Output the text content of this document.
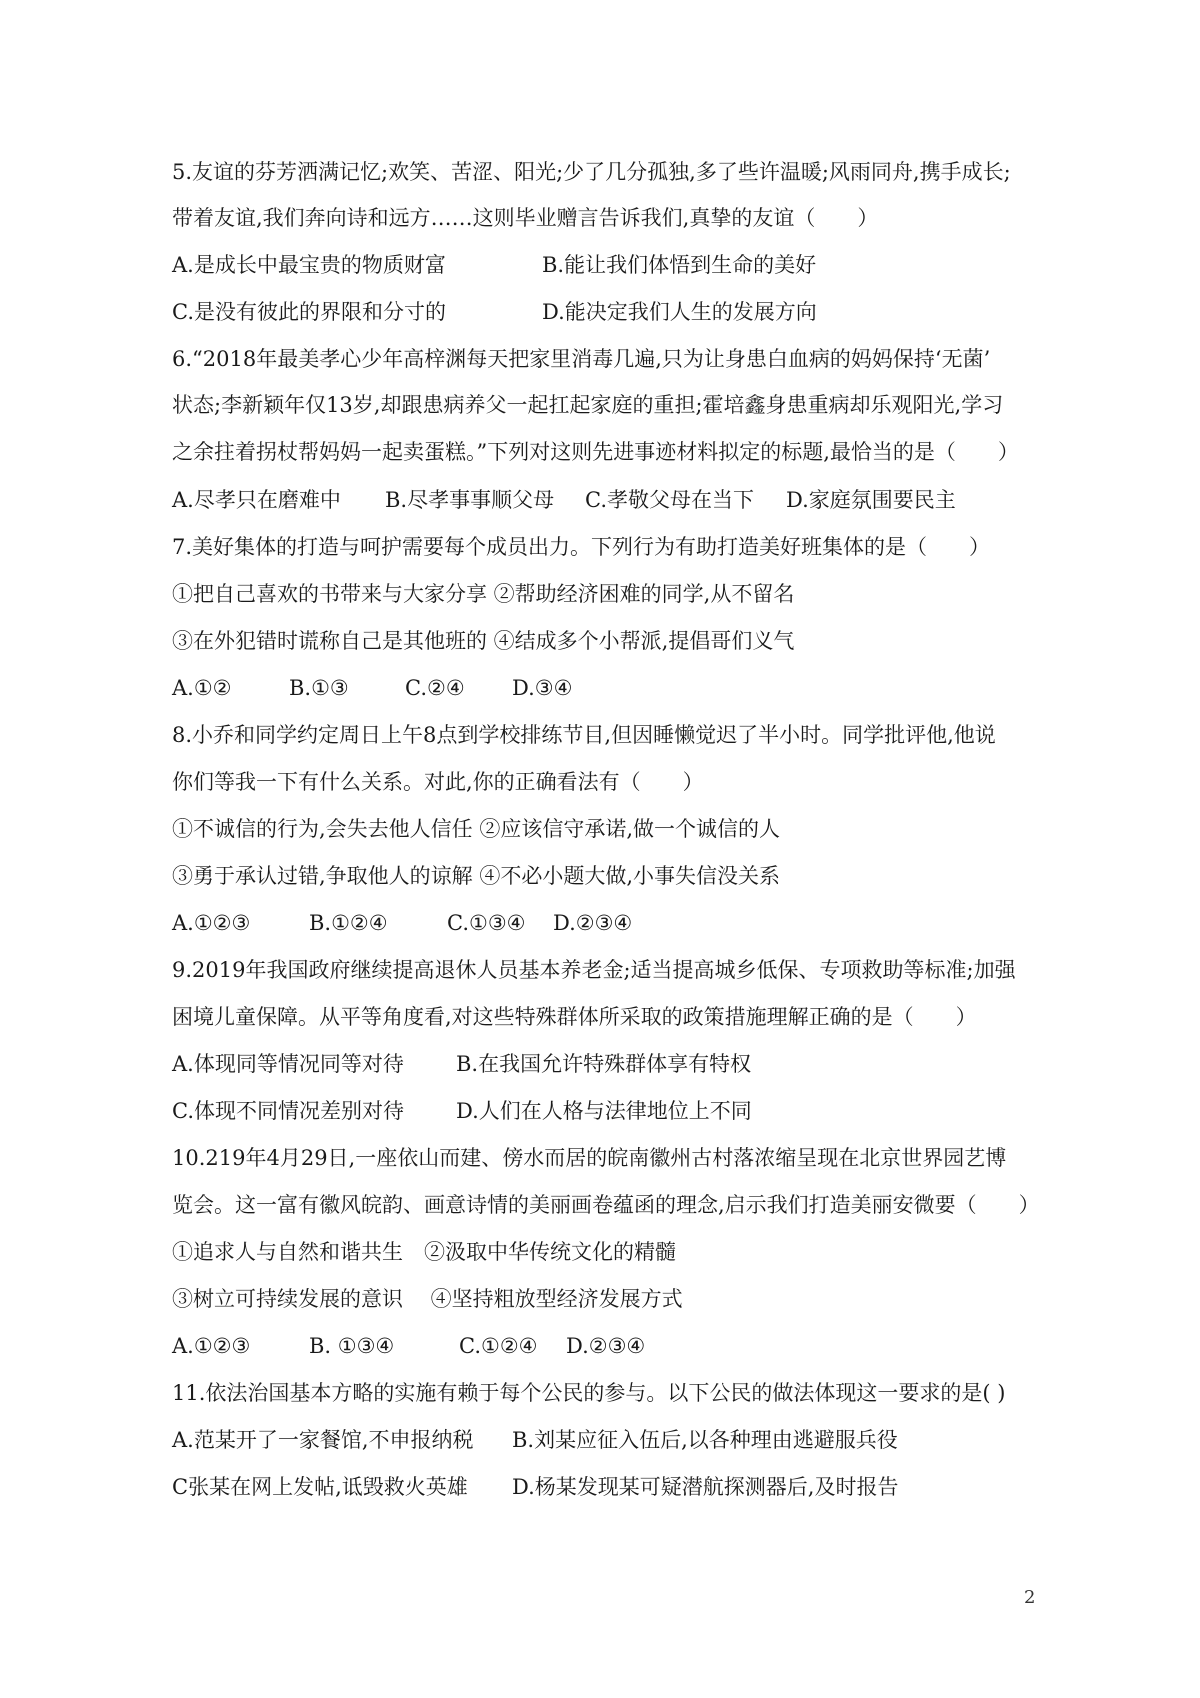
5.友谊的芬芳洒满记忆;欢笑、苦涩、阳光;少了几分孤独,多了些许温暖;风雨同舟,携手成长;
带着友谊,我们奔向诗和远方……这则毕业赠言告诉我们,真挚的友谊（　　）
A.是成长中最宝贵的物质财富	B.能让我们体悟到生命的美好
C.是没有彼此的界限和分寸的	D.能决定我们人生的发展方向
6.“2018年最美孝心少年高梓渊每天把家里消毒几遍,只为让身患白血病的妈妈保持‘无菌’
状态;李新颖年仅13岁,却跟患病养父一起扛起家庭的重担;霍培鑫身患重病却乐观阳光,学习
之余拄着拐杖帮妈妈一起卖蛋糕。”下列对这则先进事迹材料拟定的标题,最恰当的是（　　）
A.尽孝只在磨难中 B.尽孝事事顺父母 C.孝敬父母在当下 D.家庭氛围要民主
7.美好集体的打造与呵护需要每个成员出力。下列行为有助打造美好班集体的是（　　）
①把自己喜欢的书带来与大家分享 ②帮助经济困难的同学,从不留名
③在外犯错时谎称自己是其他班的 ④结成多个小帮派,提倡哥们义气
A.①②	B.①③	C.②④ D.③④
8.小乔和同学约定周日上午8点到学校排练节目,但因睡懒觉迟了半小时。同学批评他,他说
你们等我一下有什么关系。对此,你的正确看法有（　　）
①不诚信的行为,会失去他人信任 ②应该信守承诺,做一个诚信的人
③勇于承认过错,争取他人的谅解 ④不必小题大做,小事失信没关系
A.①②③	B.①②④	C.①③④ D.②③④
9.2019年我国政府继续提高退休人员基本养老金;适当提高城乡低保、专项救助等标准;加强
困境儿童保障。从平等角度看,对这些特殊群体所采取的政策措施理解正确的是（　　）
A.体现同等情况同等对待 B.在我国允许特殊群体享有特权
C.体现不同情况差别对待 D.人们在人格与法律地位上不同
10.219年4月29日,一座依山而建、傍水而居的皖南徽州古村落浓缩呈现在北京世界园艺博
览会。这一富有徽风皖韵、画意诗情的美丽画卷蕴函的理念,启示我们打造美丽安微要（　　）
①追求人与自然和谐共生　②汲取中华传统文化的精髓
③树立可持续发展的意识　 ④坚持粗放型经济发展方式
A.①②③	B. ①③④	C.①②④ D.②③④
11.依法治国基本方略的实施有赖于每个公民的参与。以下公民的做法体现这一要求的是( )
A.范某开了一家餐馆,不申报纳税 B.刘某应征入伍后,以各种理由逃避服兵役
C张某在网上发帖,诋毁救火英雄 D.杨某发现某可疑潜航探测器后,及时报告
2
